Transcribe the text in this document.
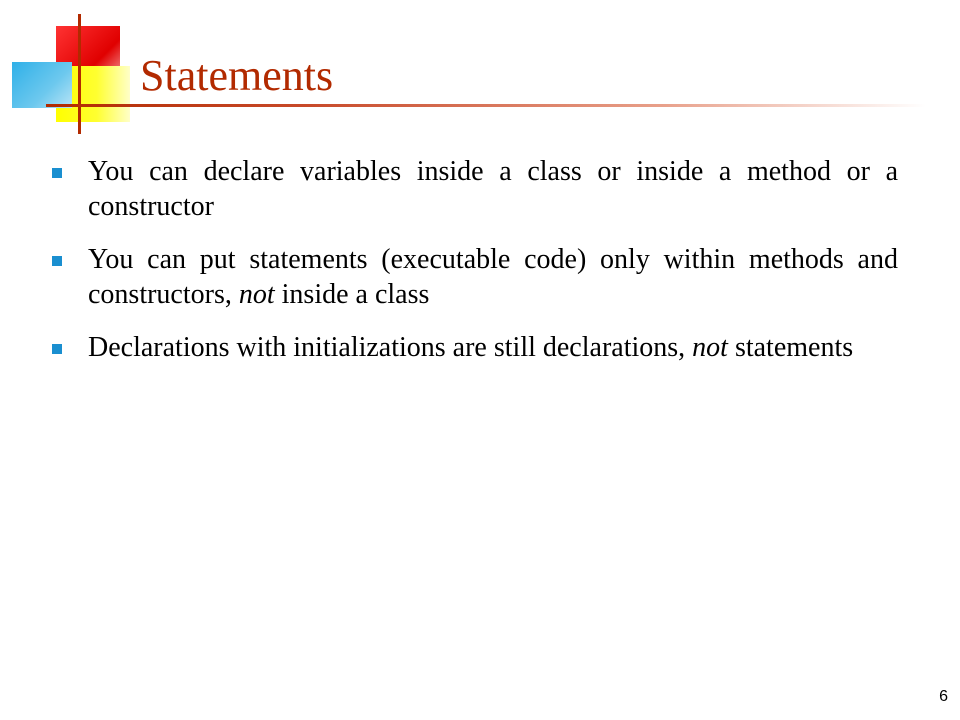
Statements
You can declare variables inside a class or inside a method or a constructor
You can put statements (executable code) only within methods and constructors, not inside a class
Declarations with initializations are still declarations, not statements
6
